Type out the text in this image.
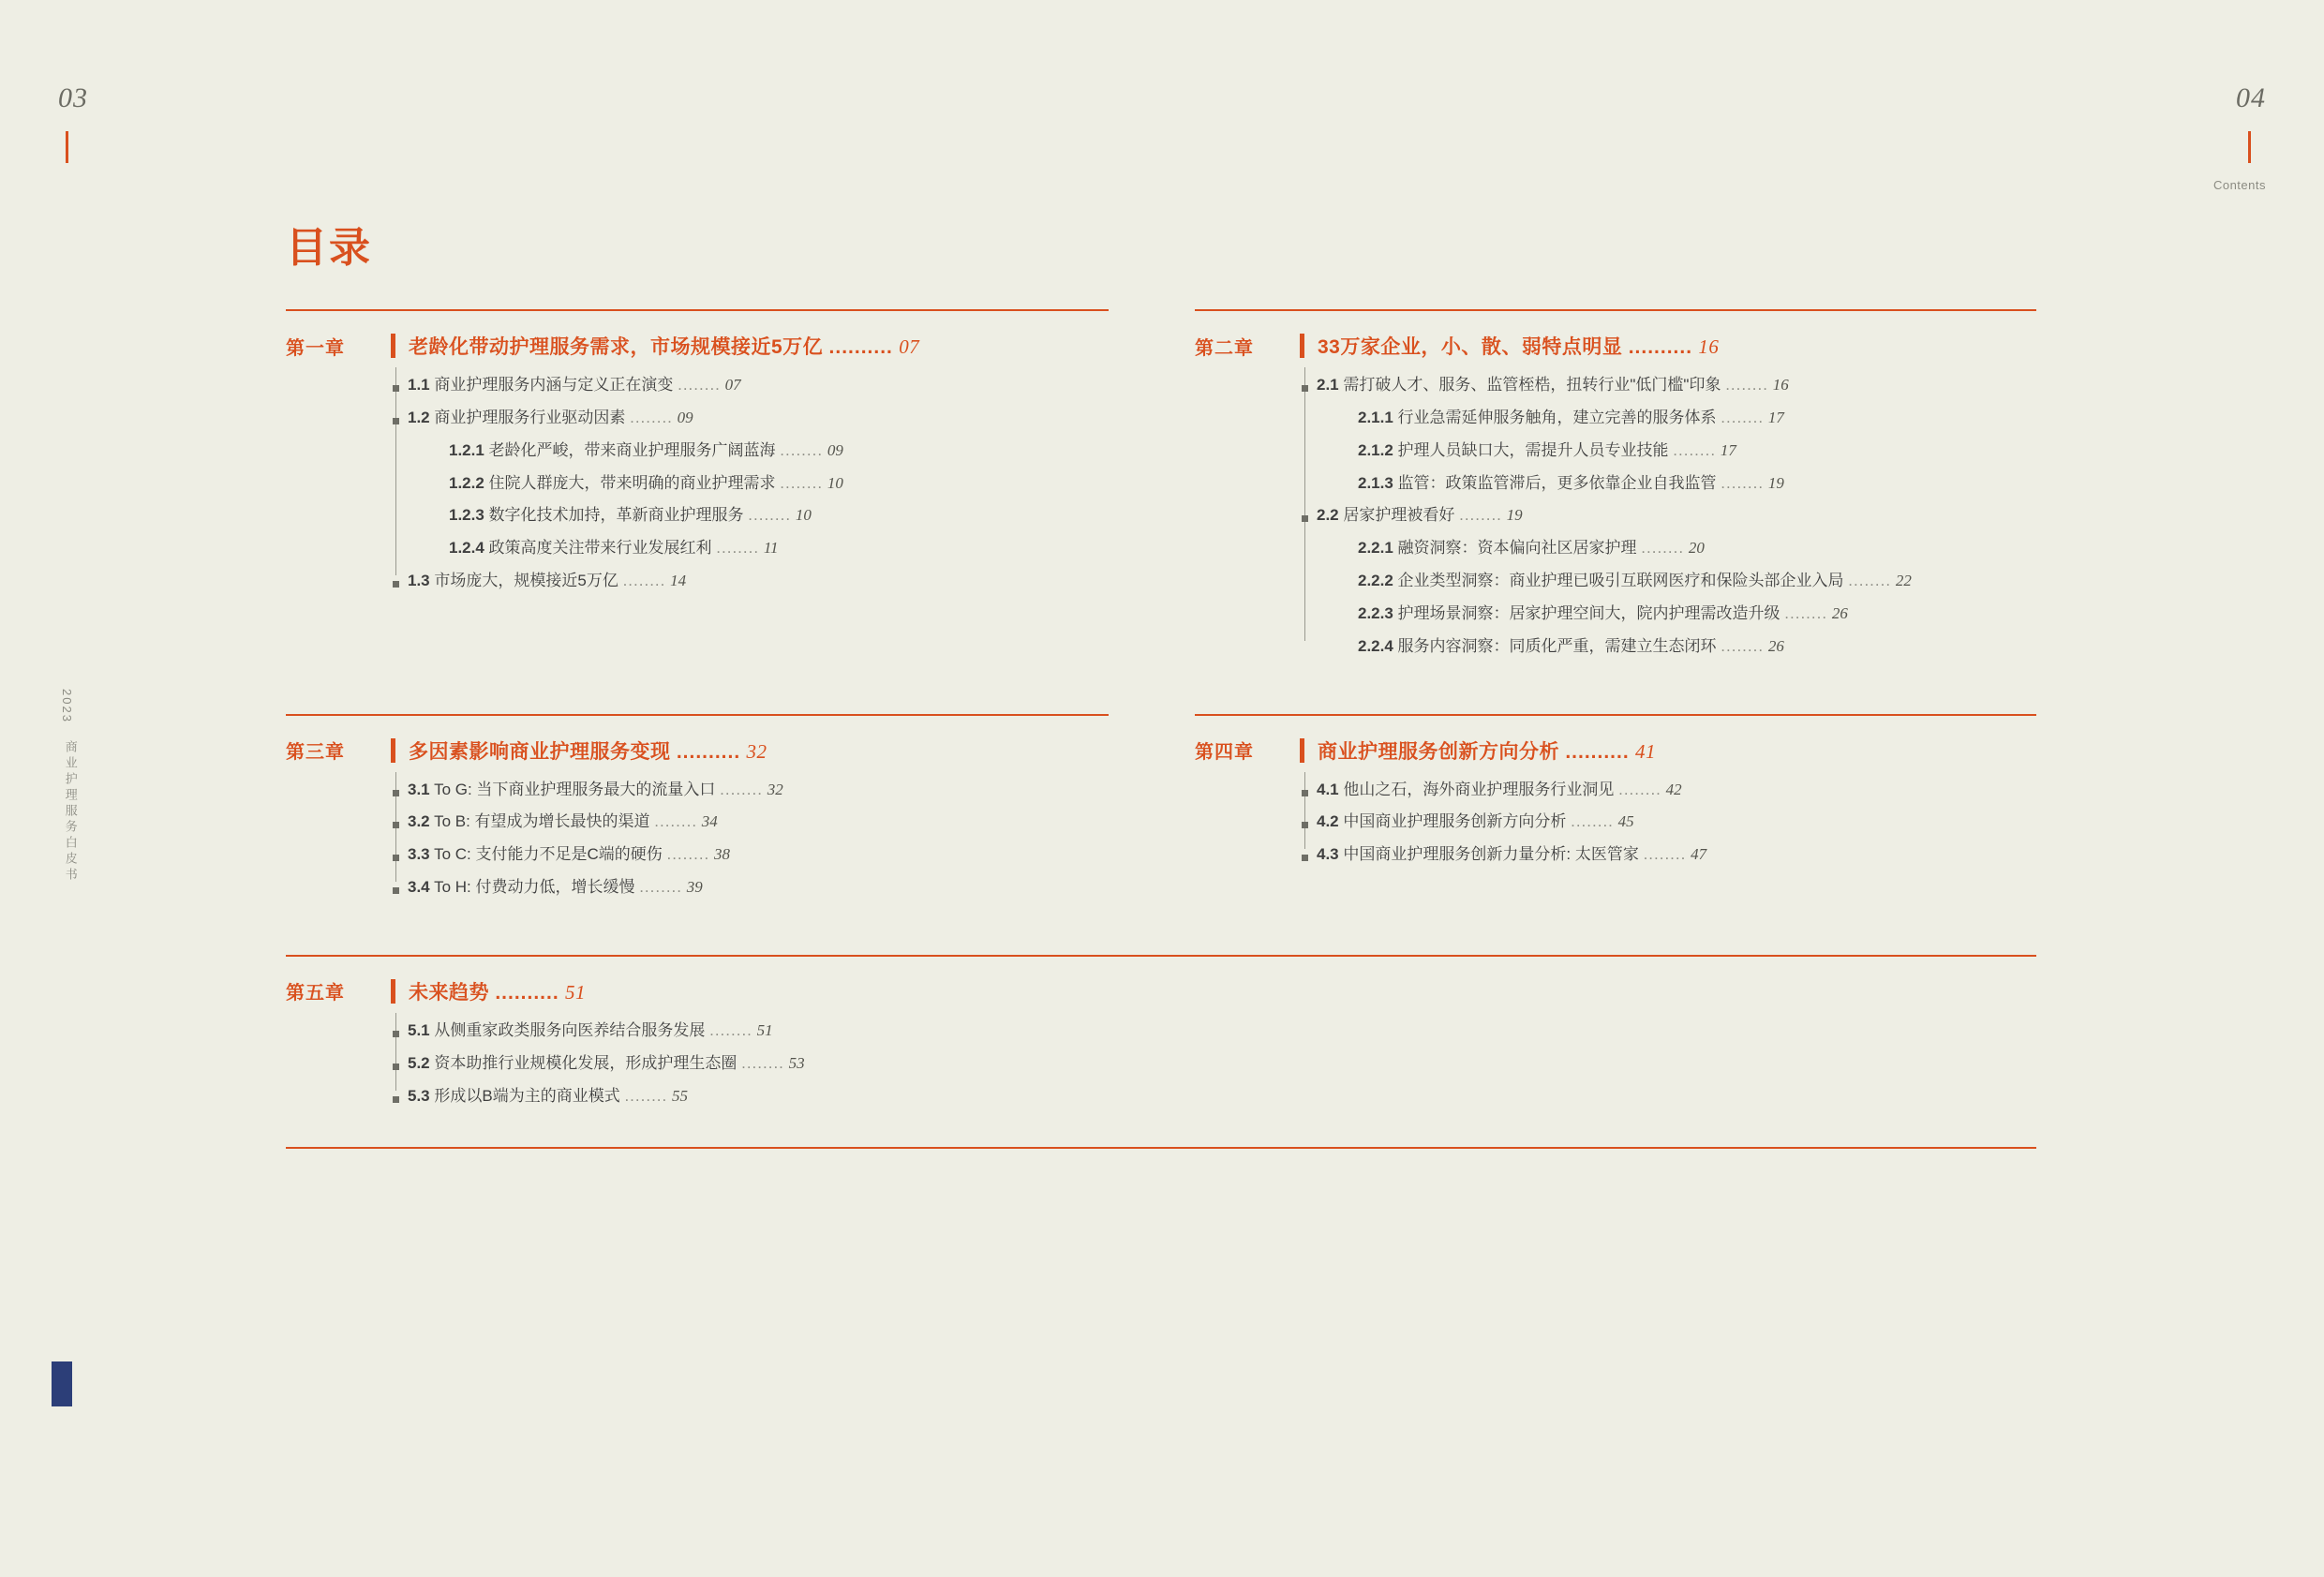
03	04
Contents
2023
商业护理服务白皮书
目录
第一章	老龄化带动护理服务需求，市场规模接近5万亿 .......... 07
1.1 商业护理服务内涵与定义正在演变 ........ 07
1.2 商业护理服务行业驱动因素 ........ 09
1.2.1 老龄化严峻，带来商业护理服务广阔蓝海 ........ 09
1.2.2 住院人群庞大，带来明确的商业护理需求 ........ 10
1.2.3 数字化技术加持，革新商业护理服务 ........ 10
1.2.4 政策高度关注带来行业发展红利 ........ 11
1.3 市场庞大，规模接近5万亿 ........ 14
第二章	33万家企业，小、散、弱特点明显 .......... 16
2.1 需打破人才、服务、监管桎梏，扭转行业"低门槛"印象 ........ 16
2.1.1 行业急需延伸服务触角，建立完善的服务体系 ........ 17
2.1.2 护理人员缺口大，需提升人员专业技能 ........ 17
2.1.3 监管：政策监管滞后，更多依靠企业自我监管 ........ 19
2.2 居家护理被看好 ........ 19
2.2.1 融资洞察：资本偏向社区居家护理 ........ 20
2.2.2 企业类型洞察：商业护理已吸引互联网医疗和保险头部企业入局 ........ 22
2.2.3 护理场景洞察：居家护理空间大，院内护理需改造升级 ........ 26
2.2.4 服务内容洞察：同质化严重，需建立生态闭环 ........ 26
第三章	多因素影响商业护理服务变现 .......... 32
3.1 To G: 当下商业护理服务最大的流量入口 ........ 32
3.2 To B: 有望成为增长最快的渠道 ........ 34
3.3 To C: 支付能力不足是C端的硬伤 ........ 38
3.4 To H: 付费动力低，增长缓慢 ........ 39
第四章	商业护理服务创新方向分析 .......... 41
4.1 他山之石，海外商业护理服务行业洞见 ........ 42
4.2 中国商业护理服务创新方向分析 ........ 45
4.3 中国商业护理服务创新力量分析: 太医管家 ........ 47
第五章	未来趋势 .......... 51
5.1 从侧重家政类服务向医养结合服务发展 ........ 51
5.2 资本助推行业规模化发展，形成护理生态圈 ........ 53
5.3 形成以B端为主的商业模式 ........ 55
